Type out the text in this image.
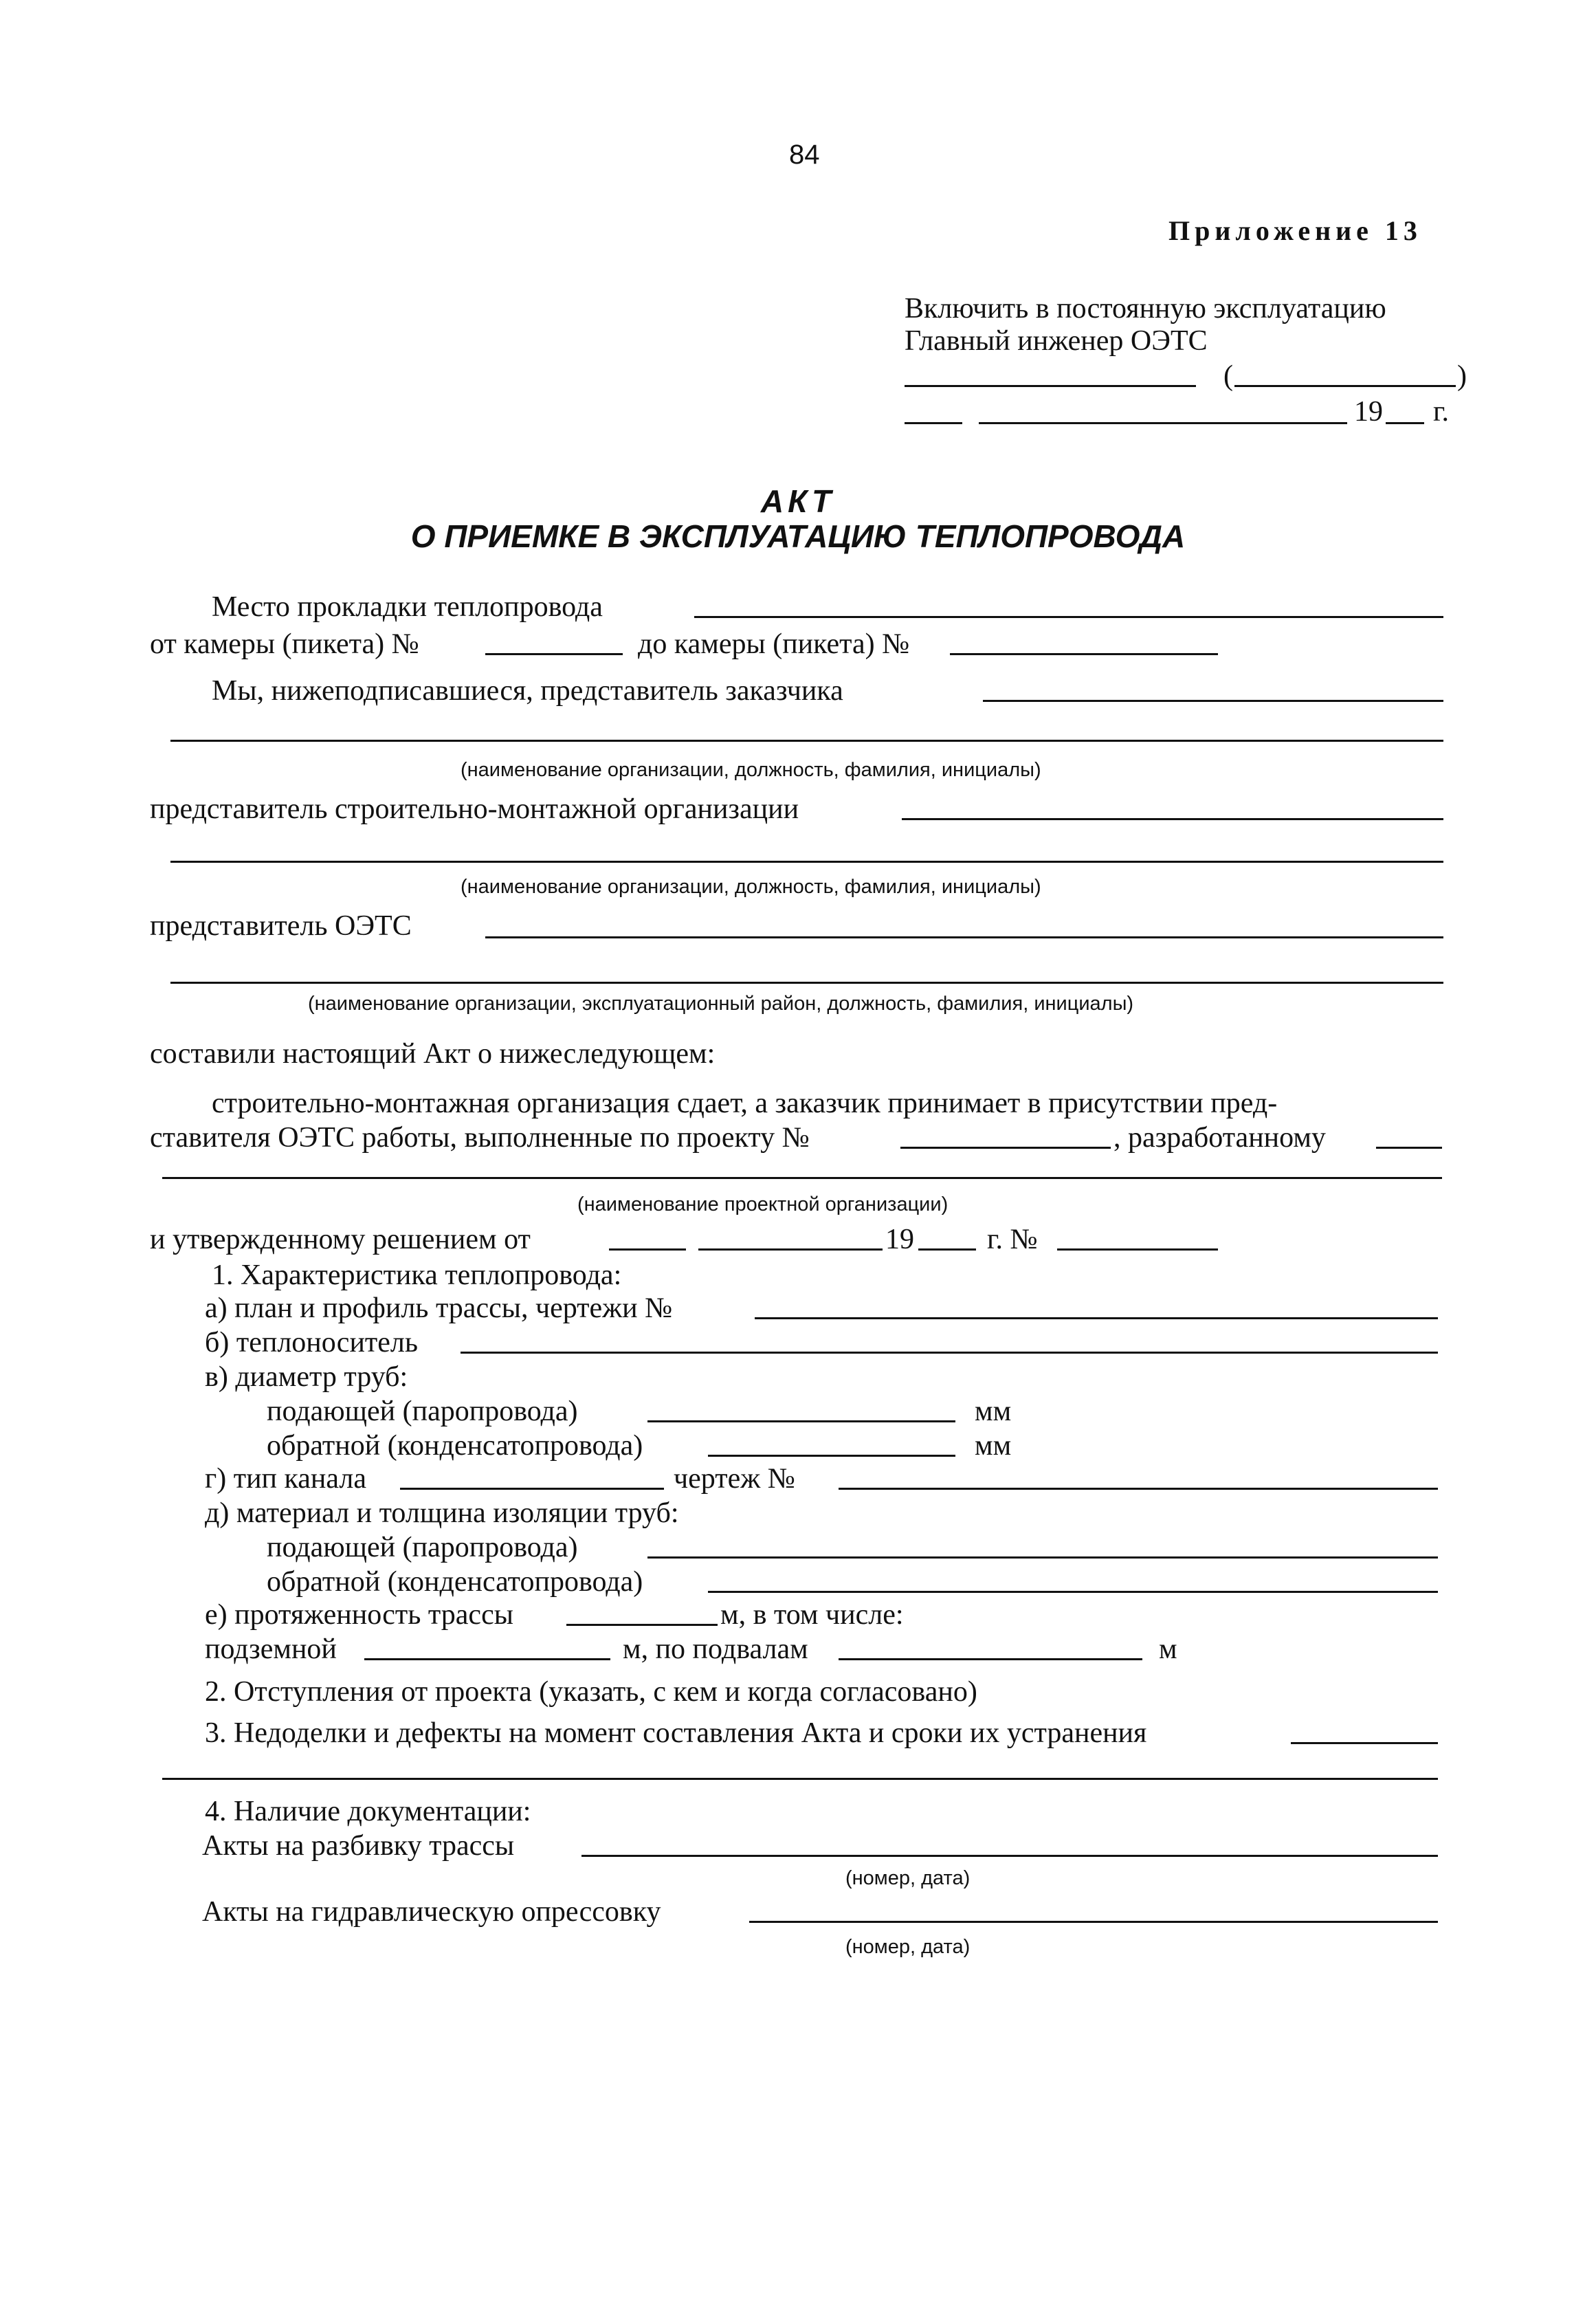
84
Приложение 13
Включить в постоянную эксплуатацию
Главный инженер ОЭТС
(	)
19 г.
АКТ
О ПРИЕМКЕ В ЭКСПЛУАТАЦИЮ ТЕПЛОПРОВОДА
Место прокладки теплопровода
от камеры (пикета) №	до камеры (пикета) №
Мы, нижеподписавшиеся, представитель заказчика
(наименование организации, должность, фамилия, инициалы)
представитель строительно-монтажной организации
(наименование организации, должность, фамилия, инициалы)
представитель ОЭТС
(наименование организации, эксплуатационный район, должность, фамилия, инициалы)
составили настоящий Акт о нижеследующем:
строительно-монтажная организация сдает, а заказчик принимает в присутствии пред-
ставителя ОЭТС работы, выполненные по проекту №	, разработанному
(наименование проектной организации)
и утвержденному решением от	19	г. №
1. Характеристика теплопровода:
а) план и профиль трассы, чертежи №
б) теплоноситель
в) диаметр труб:
подающей (паропровода)	мм
обратной (конденсатопровода)	мм
г) тип канала	чертеж №
д) материал и толщина изоляции труб:
подающей (паропровода)
обратной (конденсатопровода)
е) протяженность трассы	м, в том числе:
подземной	м, по подвалам	м
2. Отступления от проекта (указать, с кем и когда согласовано)
3. Недоделки и дефекты на момент составления Акта и сроки их устранения
4. Наличие документации:
Акты на разбивку трассы
(номер, дата)
Акты на гидравлическую опрессовку
(номер, дата)
